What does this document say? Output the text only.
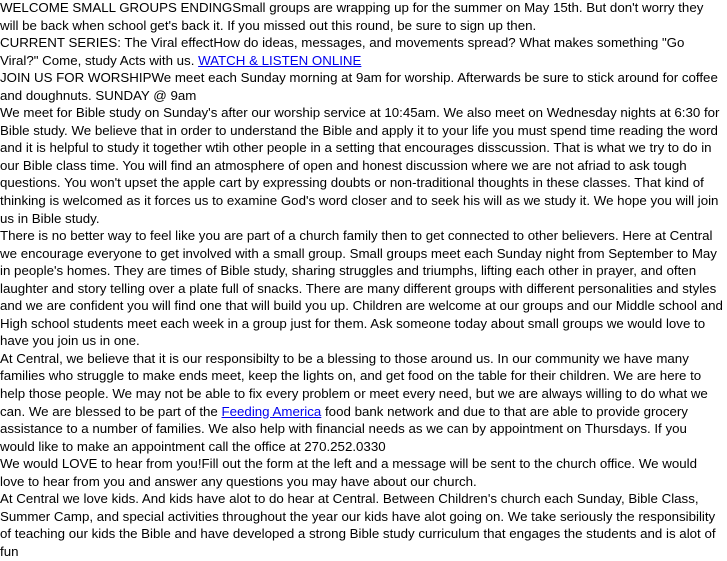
WELCOME SMALL GROUPS ENDINGSmall groups are wrapping up for the summer on May 15th. But don't worry they will be back when school get's back it. If you missed out this round, be sure to sign up then.
CURRENT SERIES: The Viral effectHow do ideas, messages, and movements spread? What makes something "Go Viral?" Come, study Acts with us. WATCH & LISTEN ONLINE
JOIN US FOR WORSHIPWe meet each Sunday morning at 9am for worship. Afterwards be sure to stick around for coffee and doughnuts. SUNDAY @ 9am
We meet for Bible study on Sunday's after our worship service at 10:45am. We also meet on Wednesday nights at 6:30 for Bible study. We believe that in order to understand the Bible and apply it to your life you must spend time reading the word and it is helpful to study it together wtih other people in a setting that encourages disscussion. That is what we try to do in our Bible class time. You will find an atmosphere of open and honest discussion where we are not afriad to ask tough questions. You won't upset the apple cart by expressing doubts or non-traditional thoughts in these classes. That kind of thinking is welcomed as it forces us to examine God's word closer and to seek his will as we study it. We hope you will join us in Bible study.
There is no better way to feel like you are part of a church family then to get connected to other believers. Here at Central we encourage everyone to get involved with a small group. Small groups meet each Sunday night from September to May in people's homes. They are times of Bible study, sharing struggles and triumphs, lifting each other in prayer, and often laughter and story telling over a plate full of snacks. There are many different groups with different personalities and styles and we are confident you will find one that will build you up. Children are welcome at our groups and our Middle school and High school students meet each week in a group just for them. Ask someone today about small groups we would love to have you join us in one.
At Central, we believe that it is our responsibilty to be a blessing to those around us. In our community we have many families who struggle to make ends meet, keep the lights on, and get food on the table for their children. We are here to help those people. We may not be able to fix every problem or meet every need, but we are always willing to do what we can. We are blessed to be part of the Feeding America food bank network and due to that are able to provide grocery assistance to a number of families. We also help with financial needs as we can by appointment on Thursdays. If you would like to make an appointment call the office at 270.252.0330
We would LOVE to hear from you!Fill out the form at the left and a message will be sent to the church office. We would love to hear from you and answer any questions you may have about our church.
At Central we love kids. And kids have alot to do hear at Central. Between Children's church each Sunday, Bible Class, Summer Camp, and special activities throughout the year our kids have alot going on. We take seriously the responsibility of teaching our kids the Bible and have developed a strong Bible study curriculum that engages the students and is alot of fun
